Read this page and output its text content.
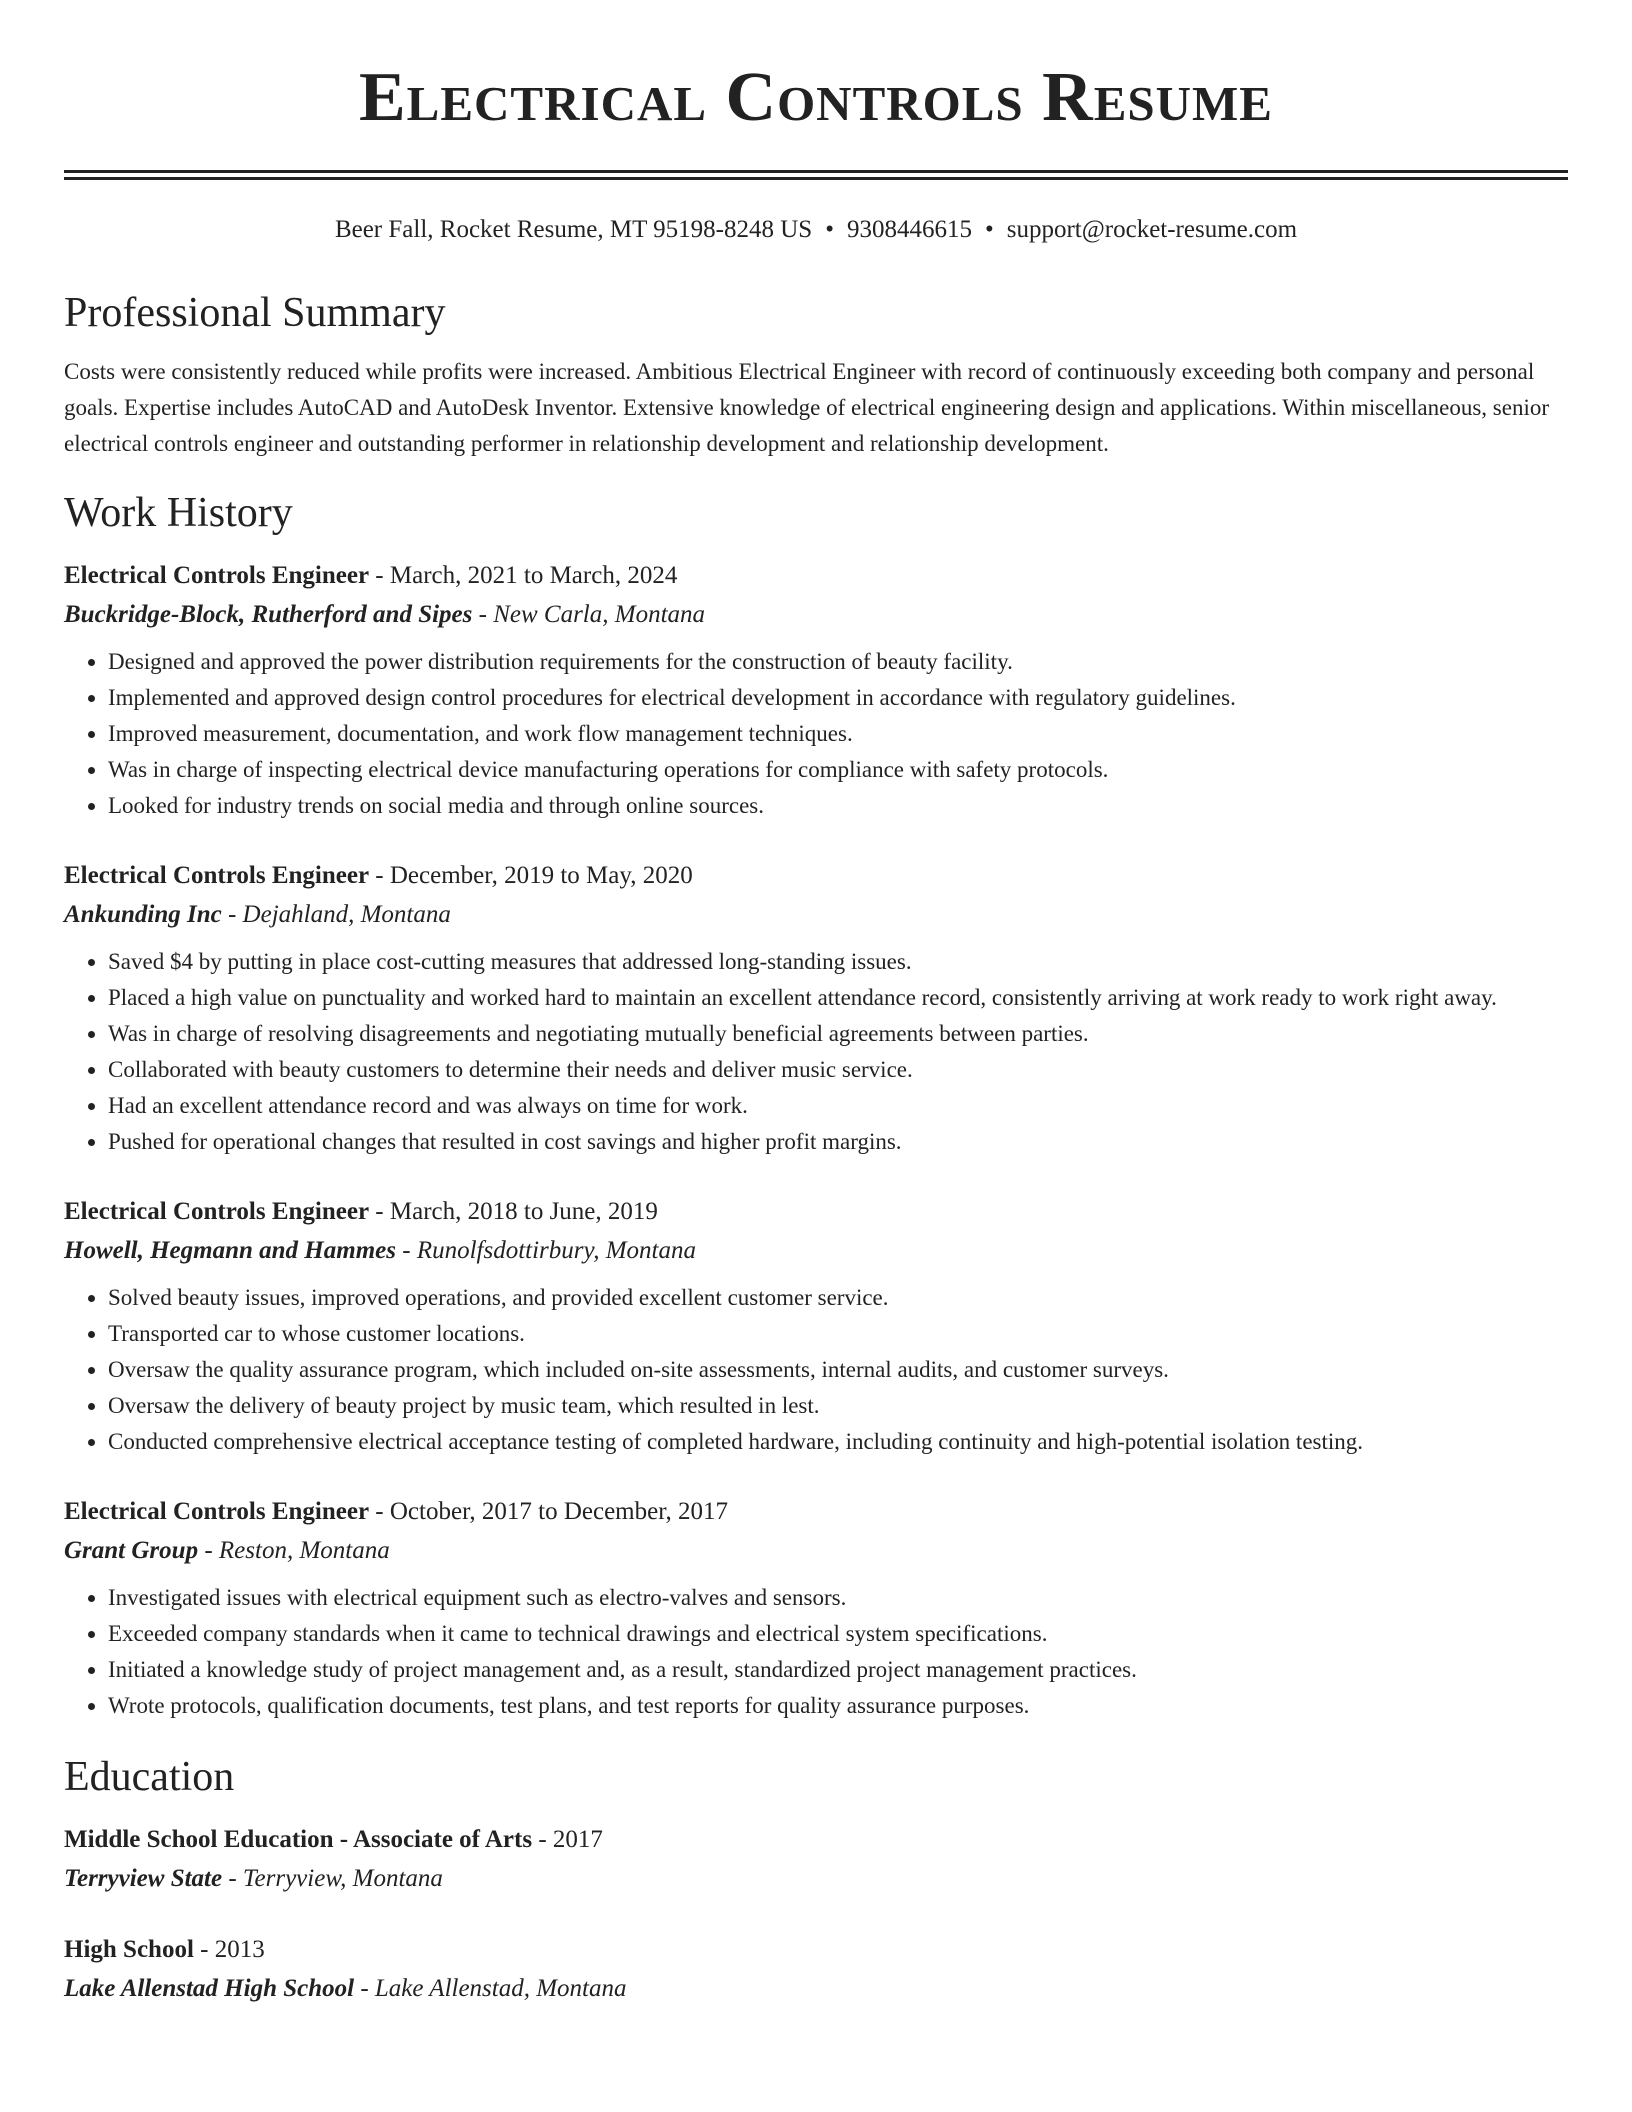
Electrical Controls Resume
Beer Fall, Rocket Resume, MT 95198-8248 US • 9308446615 • support@rocket-resume.com
Professional Summary

Costs were consistently reduced while profits were increased. Ambitious Electrical Engineer with record of continuously exceeding both company and personal goals. Expertise includes AutoCAD and AutoDesk Inventor. Extensive knowledge of electrical engineering design and applications. Within miscellaneous, senior electrical controls engineer and outstanding performer in relationship development and relationship development.

Work History
Electrical Controls Engineer - March, 2021 to March, 2024
Buckridge-Block, Rutherford and Sipes - New Carla, Montana
• Designed and approved the power distribution requirements for the construction of beauty facility.
• Implemented and approved design control procedures for electrical development in accordance with regulatory guidelines.
• Improved measurement, documentation, and work flow management techniques.
• Was in charge of inspecting electrical device manufacturing operations for compliance with safety protocols.
• Looked for industry trends on social media and through online sources.
Electrical Controls Engineer - December, 2019 to May, 2020
Ankunding Inc - Dejahland, Montana
• Saved $4 by putting in place cost-cutting measures that addressed long-standing issues.
• Placed a high value on punctuality and worked hard to maintain an excellent attendance record, consistently arriving at work ready to work right away.
• Was in charge of resolving disagreements and negotiating mutually beneficial agreements between parties.
• Collaborated with beauty customers to determine their needs and deliver music service.
• Had an excellent attendance record and was always on time for work.
• Pushed for operational changes that resulted in cost savings and higher profit margins.
Electrical Controls Engineer - March, 2018 to June, 2019
Howell, Hegmann and Hammes - Runolfsdottirbury, Montana
• Solved beauty issues, improved operations, and provided excellent customer service.
• Transported car to whose customer locations.
• Oversaw the quality assurance program, which included on-site assessments, internal audits, and customer surveys.
• Oversaw the delivery of beauty project by music team, which resulted in lest.
• Conducted comprehensive electrical acceptance testing of completed hardware, including continuity and high-potential isolation testing.
Electrical Controls Engineer - October, 2017 to December, 2017
Grant Group - Reston, Montana
• Investigated issues with electrical equipment such as electro-valves and sensors.
• Exceeded company standards when it came to technical drawings and electrical system specifications.
• Initiated a knowledge study of project management and, as a result, standardized project management practices.
• Wrote protocols, qualification documents, test plans, and test reports for quality assurance purposes.
Education
Middle School Education - Associate of Arts - 2017
Terryview State - Terryview, Montana
High School - 2013
Lake Allenstad High School - Lake Allenstad, Montana
